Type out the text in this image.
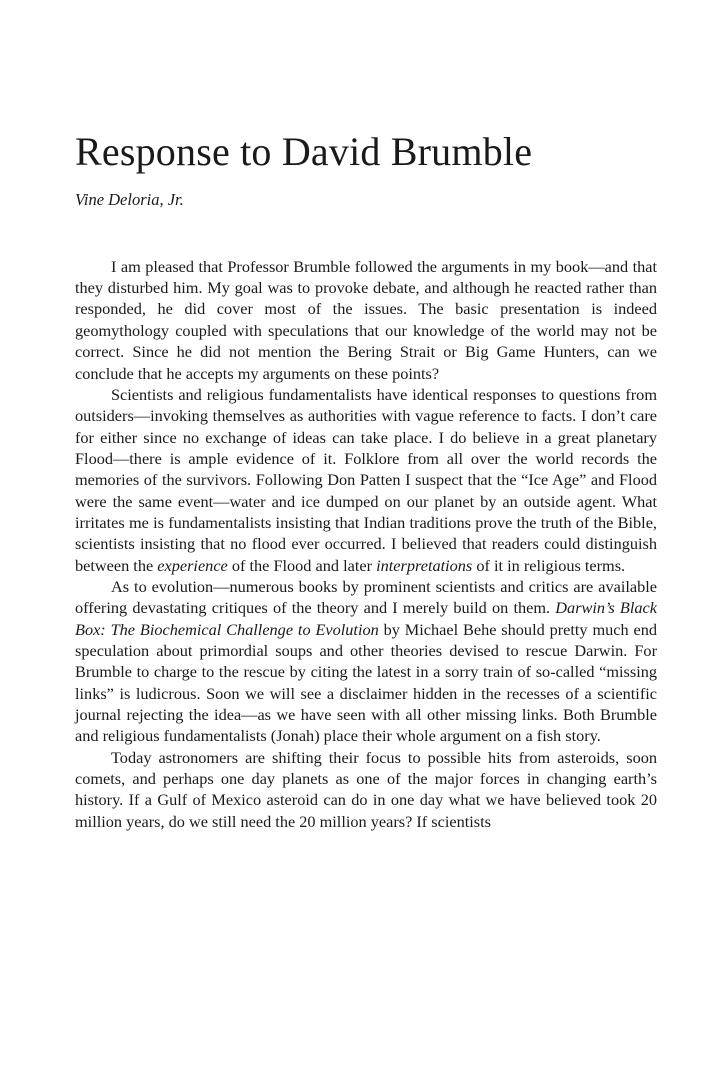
Response to David Brumble
Vine Deloria, Jr.

I am pleased that Professor Brumble followed the arguments in my book—and that they disturbed him. My goal was to provoke debate, and although he reacted rather than responded, he did cover most of the issues. The basic presentation is indeed geomythology coupled with speculations that our knowledge of the world may not be correct. Since he did not mention the Bering Strait or Big Game Hunters, can we conclude that he accepts my arguments on these points?

Scientists and religious fundamentalists have identical responses to questions from outsiders—invoking themselves as authorities with vague reference to facts. I don’t care for either since no exchange of ideas can take place. I do believe in a great planetary Flood—there is ample evidence of it. Folklore from all over the world records the memories of the survivors. Following Don Patten I suspect that the “Ice Age” and Flood were the same event—water and ice dumped on our planet by an outside agent. What irritates me is fundamentalists insisting that Indian traditions prove the truth of the Bible, scientists insisting that no flood ever occurred. I believed that readers could distinguish between the experience of the Flood and later interpretations of it in religious terms.

As to evolution—numerous books by prominent scientists and critics are available offering devastating critiques of the theory and I merely build on them. Darwin’s Black Box: The Biochemical Challenge to Evolution by Michael Behe should pretty much end speculation about primordial soups and other theories devised to rescue Darwin. For Brumble to charge to the rescue by citing the latest in a sorry train of so-called “missing links” is ludicrous. Soon we will see a disclaimer hidden in the recesses of a scientific journal rejecting the idea—as we have seen with all other missing links. Both Brumble and religious fundamentalists (Jonah) place their whole argument on a fish story.

Today astronomers are shifting their focus to possible hits from asteroids, soon comets, and perhaps one day planets as one of the major forces in changing earth’s history. If a Gulf of Mexico asteroid can do in one day what we have believed took 20 million years, do we still need the 20 million years? If scientists
